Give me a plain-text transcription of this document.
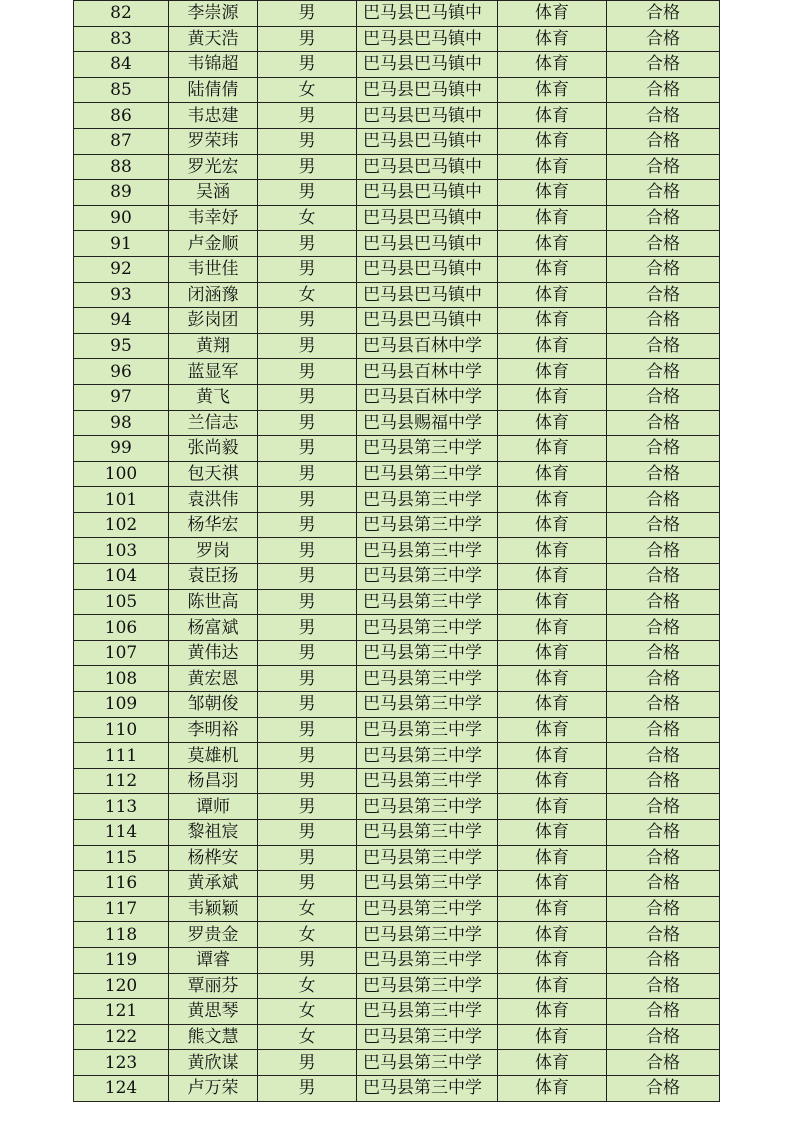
82	李崇源	男	巴马县巴马镇中	体育	合格
83	黄天浩	男	巴马县巴马镇中	体育	合格
84	韦锦超	男	巴马县巴马镇中	体育	合格
85	陆倩倩	女	巴马县巴马镇中	体育	合格
86	韦忠建	男	巴马县巴马镇中	体育	合格
87	罗荣玮	男	巴马县巴马镇中	体育	合格
88	罗光宏	男	巴马县巴马镇中	体育	合格
89	吴涵	男	巴马县巴马镇中	体育	合格
90	韦幸妤	女	巴马县巴马镇中	体育	合格
91	卢金顺	男	巴马县巴马镇中	体育	合格
92	韦世佳	男	巴马县巴马镇中	体育	合格
93	闭涵豫	女	巴马县巴马镇中	体育	合格
94	彭岗团	男	巴马县巴马镇中	体育	合格
95	黄翔	男	巴马县百林中学	体育	合格
96	蓝显军	男	巴马县百林中学	体育	合格
97	黄飞	男	巴马县百林中学	体育	合格
98	兰信志	男	巴马县赐福中学	体育	合格
99	张尚毅	男	巴马县第三中学	体育	合格
100	包天祺	男	巴马县第三中学	体育	合格
101	袁洪伟	男	巴马县第三中学	体育	合格
102	杨华宏	男	巴马县第三中学	体育	合格
103	罗岗	男	巴马县第三中学	体育	合格
104	袁臣扬	男	巴马县第三中学	体育	合格
105	陈世高	男	巴马县第三中学	体育	合格
106	杨富斌	男	巴马县第三中学	体育	合格
107	黄伟达	男	巴马县第三中学	体育	合格
108	黄宏恩	男	巴马县第三中学	体育	合格
109	邹朝俊	男	巴马县第三中学	体育	合格
110	李明裕	男	巴马县第三中学	体育	合格
111	莫雄机	男	巴马县第三中学	体育	合格
112	杨昌羽	男	巴马县第三中学	体育	合格
113	谭师	男	巴马县第三中学	体育	合格
114	黎祖宸	男	巴马县第三中学	体育	合格
115	杨桦安	男	巴马县第三中学	体育	合格
116	黄承斌	男	巴马县第三中学	体育	合格
117	韦颖颖	女	巴马县第三中学	体育	合格
118	罗贵金	女	巴马县第三中学	体育	合格
119	谭睿	男	巴马县第三中学	体育	合格
120	覃丽芬	女	巴马县第三中学	体育	合格
121	黄思琴	女	巴马县第三中学	体育	合格
122	熊文慧	女	巴马县第三中学	体育	合格
123	黄欣谋	男	巴马县第三中学	体育	合格
124	卢万荣	男	巴马县第三中学	体育	合格
